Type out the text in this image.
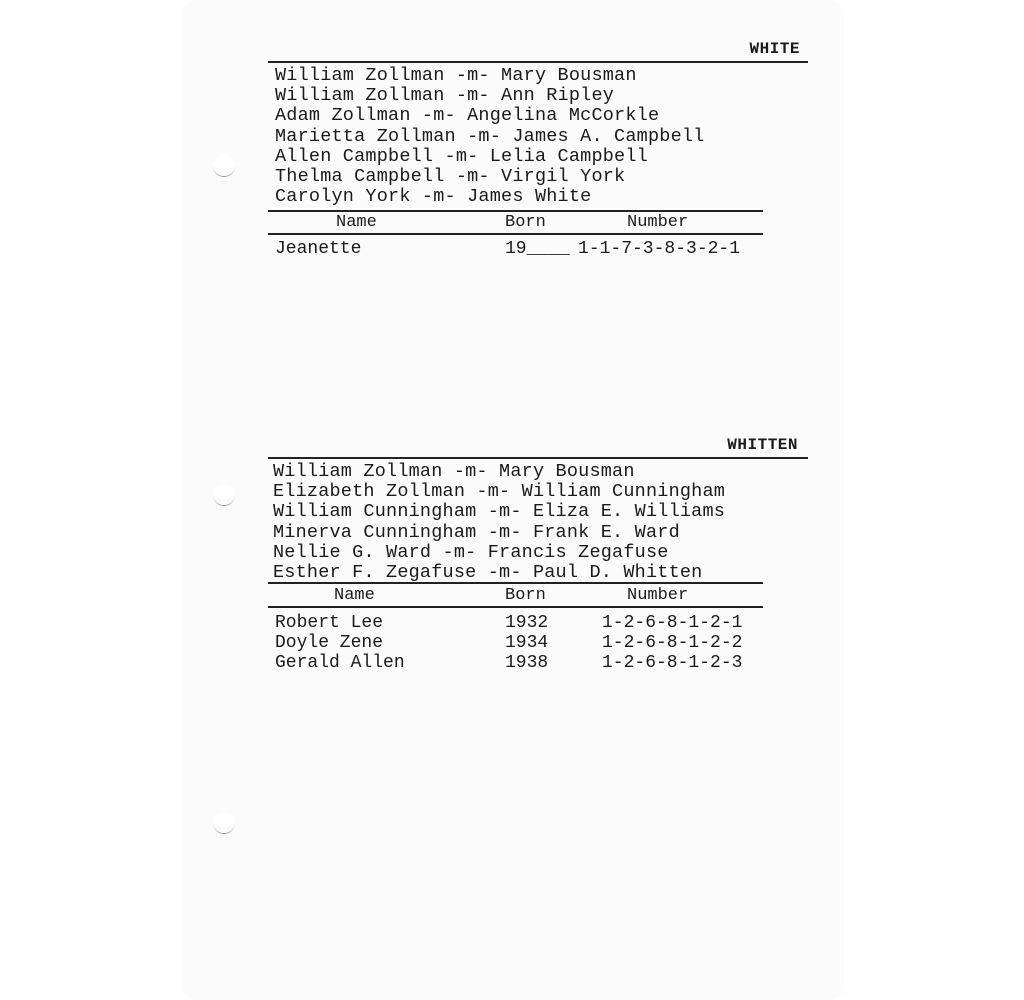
WHITE
William Zollman -m- Mary Bousman
William Zollman -m- Ann Ripley
Adam Zollman -m- Angelina McCorkle
Marietta Zollman -m- James A. Campbell
Allen Campbell -m- Lelia Campbell
Thelma Campbell -m- Virgil York
Carolyn York -m- James White
Name	Born	Number
Jeanette	19____ 1-1-7-3-8-3-2-1
WHITTEN
William Zollman -m- Mary Bousman
Elizabeth Zollman -m- William Cunningham
William Cunningham -m- Eliza E. Williams
Minerva Cunningham -m- Frank E. Ward
Nellie G. Ward -m- Francis Zegafuse
Esther F. Zegafuse -m- Paul D. Whitten
Name	Born	Number
Robert Lee	1932	1-2-6-8-1-2-1
Doyle Zene	1934	1-2-6-8-1-2-2
Gerald Allen	1938	1-2-6-8-1-2-3
